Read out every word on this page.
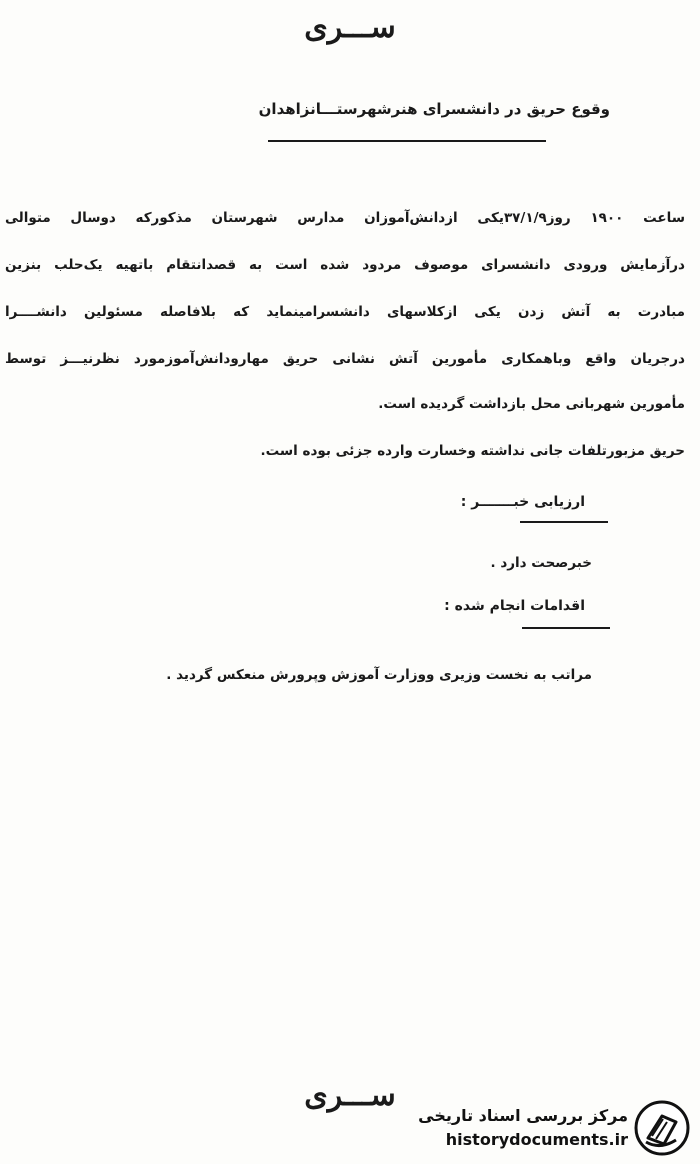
ســـری
وقوع حریق در دانشسرای هنرشهرستـــانزاهدان
ساعت ۱۹۰۰ روز۳۷/۱/۹یکی ازدانش‌آموزان مدارس شهرستان مذکورکه دوسال متوالی
درآزمایش ورودی دانشسرای موصوف مردود شده است به قصدانتقام باتهیه یک‌حلب بنزین
مبادرت به آتش زدن یکی ازکلاسهای دانشسرامینماید که بلافاصله مسئولین دانشــــرا
درجریان واقع وباهمکاری مأمورین آتش نشانی حریق مهارودانش‌آموزمورد نظرنیـــز توسط
مأمورین شهربانی محل بازداشت گردیده است.
حریق مزبورتلفات جانی نداشته وخسارت وارده جزئی بوده است.
ارزیابی خبـــــــر :
خبرصحت دارد .
اقدامات انجام شده :
مراتب به نخست وزیری ووزارت آموزش وپرورش منعکس گردید .
ســـری
مرکز بررسی اسناد تاریخی
historydocuments.ir
